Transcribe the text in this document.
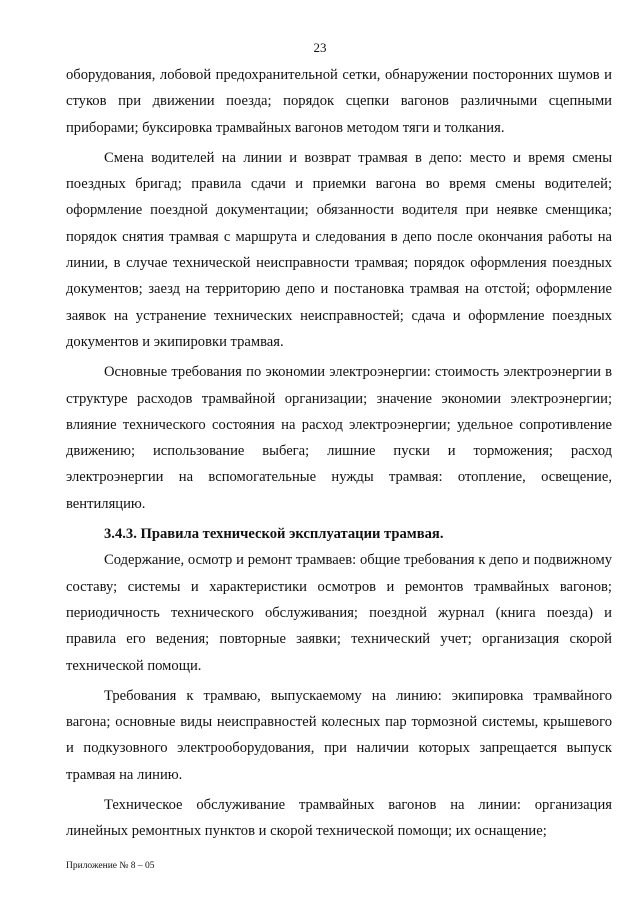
23

оборудования, лобовой предохранительной сетки, обнаружении посторонних шумов и стуков при движении поезда; порядок сцепки вагонов различными сцепными приборами; буксировка трамвайных вагонов методом тяги и толкания.

Смена водителей на линии и возврат трамвая в депо: место и время смены поездных бригад; правила сдачи и приемки вагона во время смены водителей; оформление поездной документации; обязанности водителя при неявке сменщика; порядок снятия трамвая с маршрута и следования в депо после окончания работы на линии, в случае технической неисправности трамвая; порядок оформления поездных документов; заезд на территорию депо и постановка трамвая на отстой; оформление заявок на устранение технических неисправностей; сдача и оформление поездных документов и экипировки трамвая.

Основные требования по экономии электроэнергии: стоимость электроэнергии в структуре расходов трамвайной организации; значение экономии электроэнергии; влияние технического состояния на расход электроэнергии; удельное сопротивление движению; использование выбега; лишние пуски и торможения; расход электроэнергии на вспомогательные нужды трамвая: отопление, освещение, вентиляцию.

3.4.3. Правила технической эксплуатации трамвая.

Содержание, осмотр и ремонт трамваев: общие требования к депо и подвижному составу; системы и характеристики осмотров и ремонтов трамвайных вагонов; периодичность технического обслуживания; поездной журнал (книга поезда) и правила его ведения; повторные заявки; технический учет; организация скорой технической помощи.

Требования к трамваю, выпускаемому на линию: экипировка трамвайного вагона; основные виды неисправностей колесных пар тормозной системы, крышевого и подкузовного электрооборудования, при наличии которых запрещается выпуск трамвая на линию.

Техническое обслуживание трамвайных вагонов на линии: организация линейных ремонтных пунктов и скорой технической помощи; их оснащение;

Приложение № 8 – 05
